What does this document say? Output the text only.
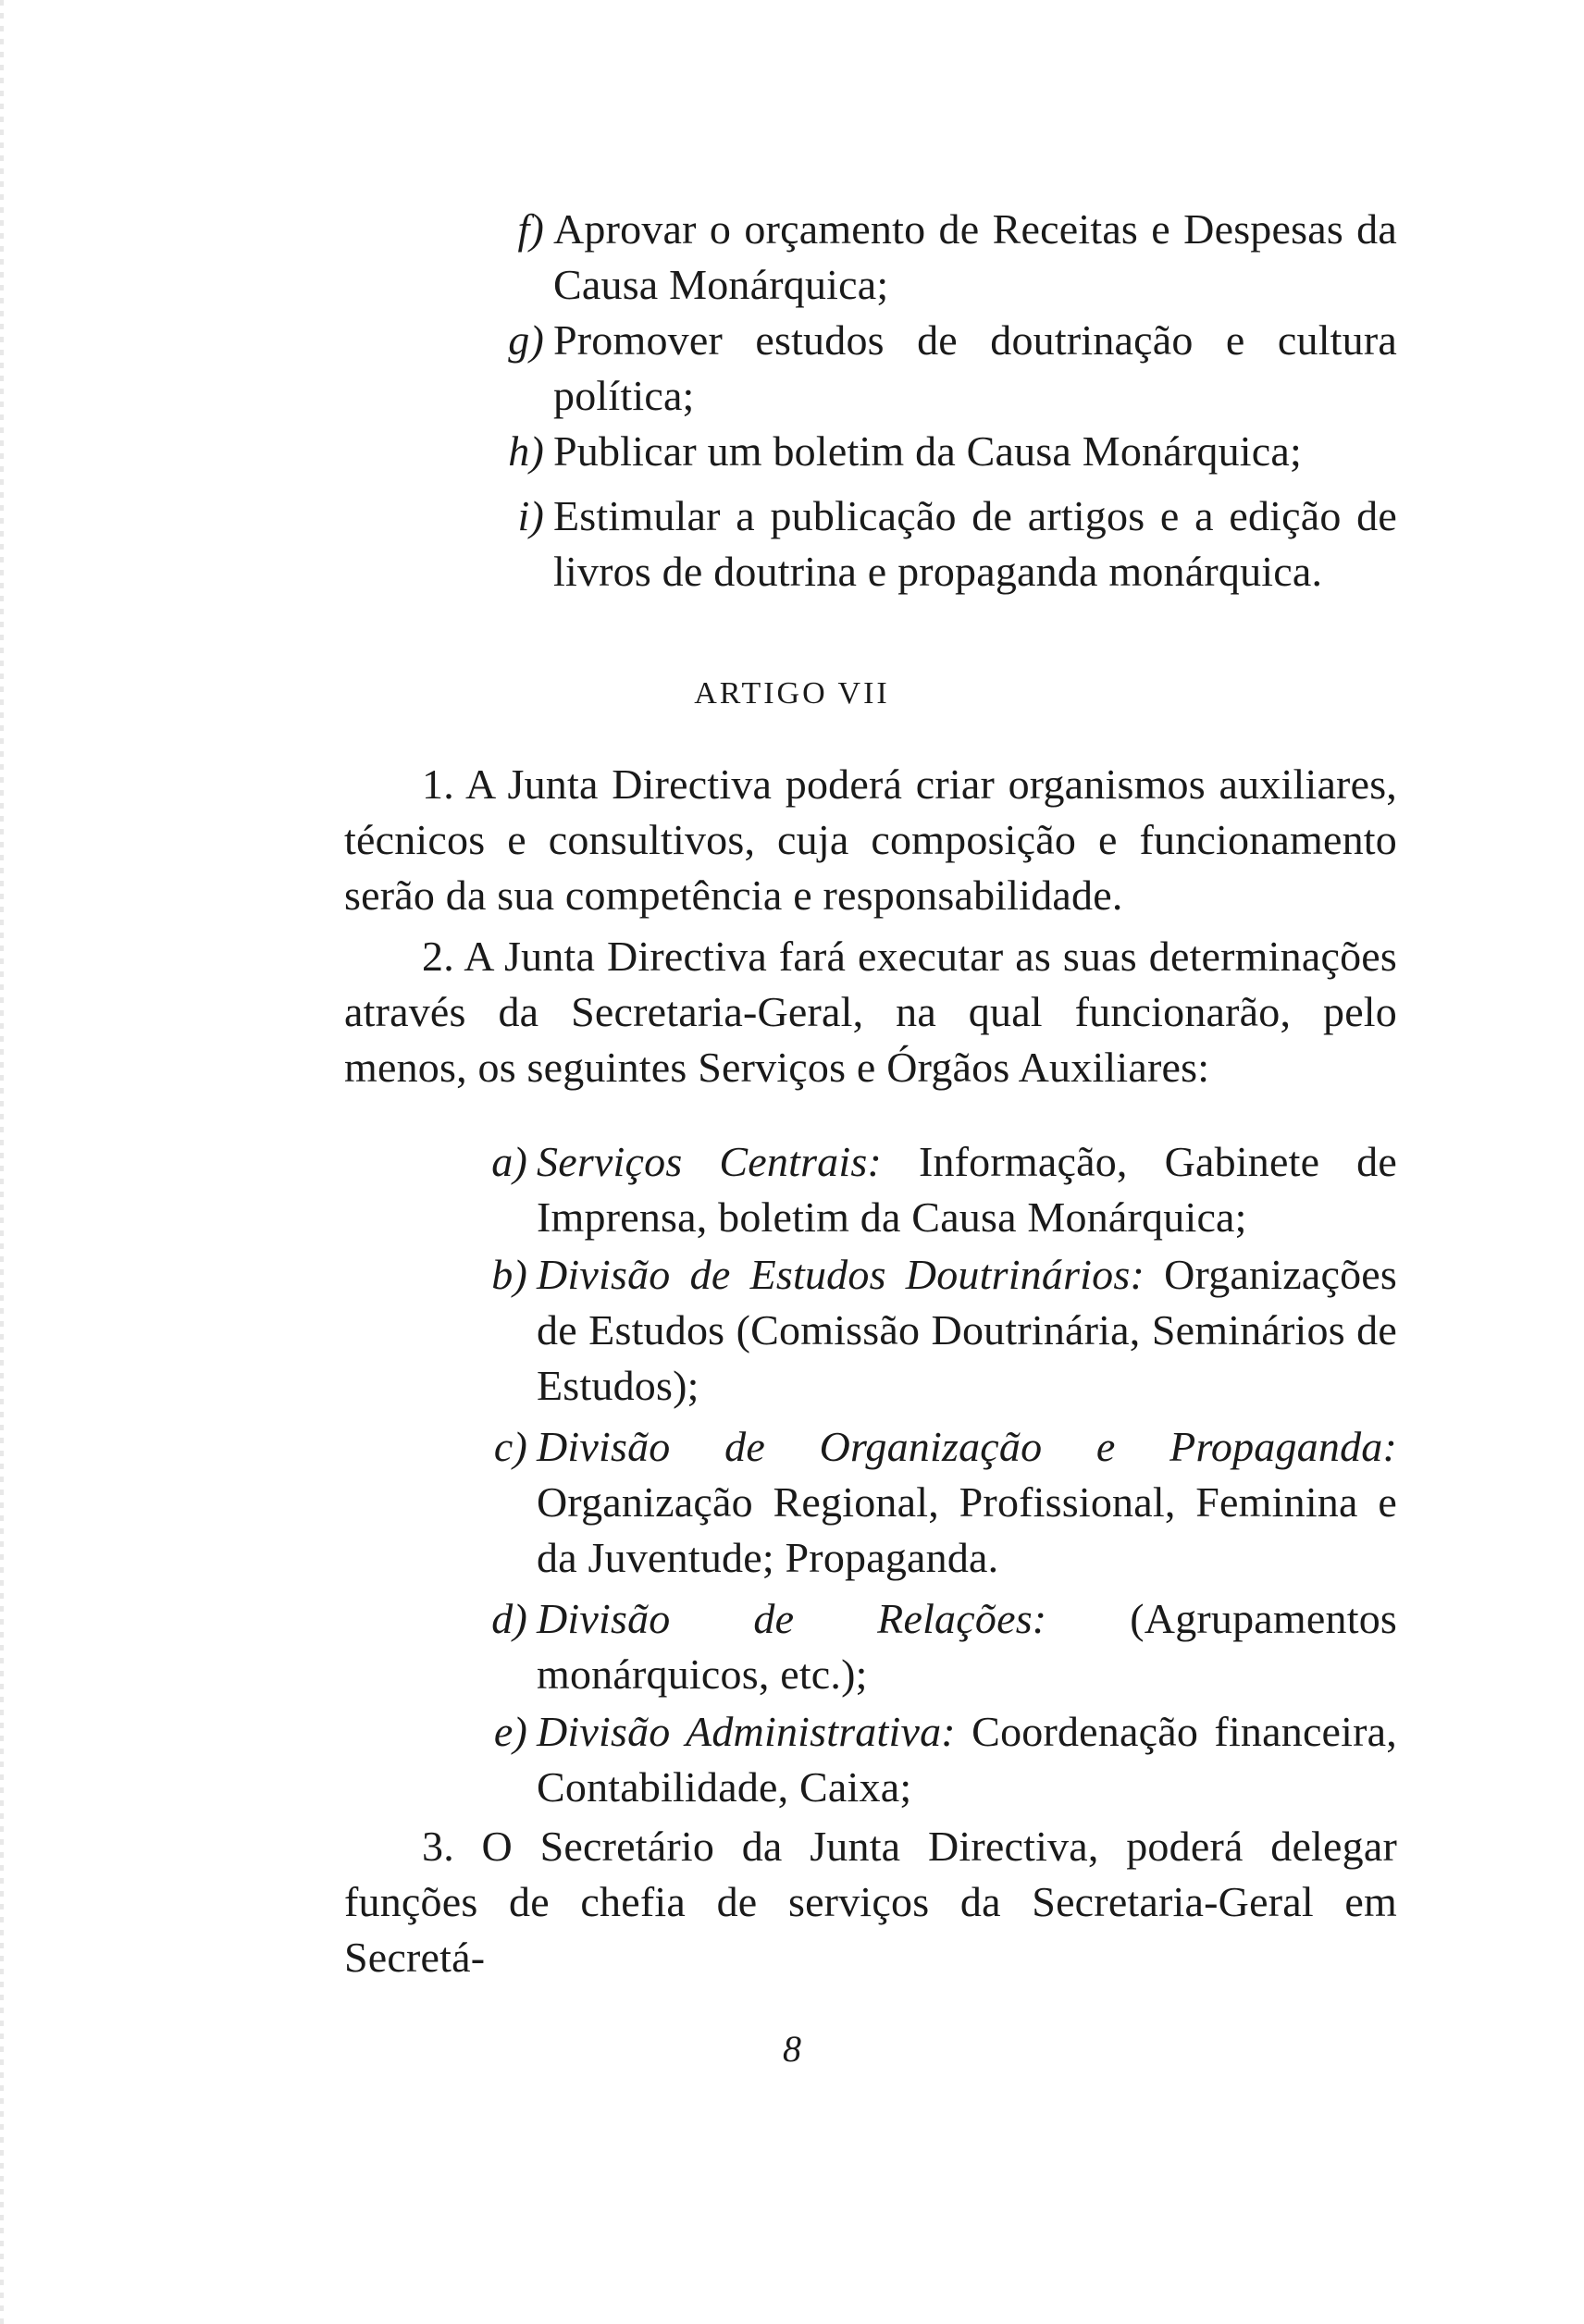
f) Aprovar o orçamento de Receitas e Despesas da Causa Monárquica;
g) Promover estudos de doutrinação e cultura política;
h) Publicar um boletim da Causa Monárquica;
i) Estimular a publicação de artigos e a edição de livros de doutrina e propaganda monárquica.
ARTIGO VII
1. A Junta Directiva poderá criar organismos auxiliares, técnicos e consultivos, cuja composição e funcionamento serão da sua competência e responsabilidade.
2. A Junta Directiva fará executar as suas determinações através da Secretaria-Geral, na qual funcionarão, pelo menos, os seguintes Serviços e Órgãos Auxiliares:
a) Serviços Centrais: Informação, Gabinete de Imprensa, boletim da Causa Monárquica;
b) Divisão de Estudos Doutrinários: Organizações de Estudos (Comissão Doutrinária, Seminários de Estudos);
c) Divisão de Organização e Propaganda: Organização Regional, Profissional, Feminina e da Juventude; Propaganda.
d) Divisão de Relações: (Agrupamentos monárquicos, etc.);
e) Divisão Administrativa: Coordenação financeira, Contabilidade, Caixa;
3. O Secretário da Junta Directiva, poderá delegar funções de chefia de serviços da Secretaria-Geral em Secretá-
8
